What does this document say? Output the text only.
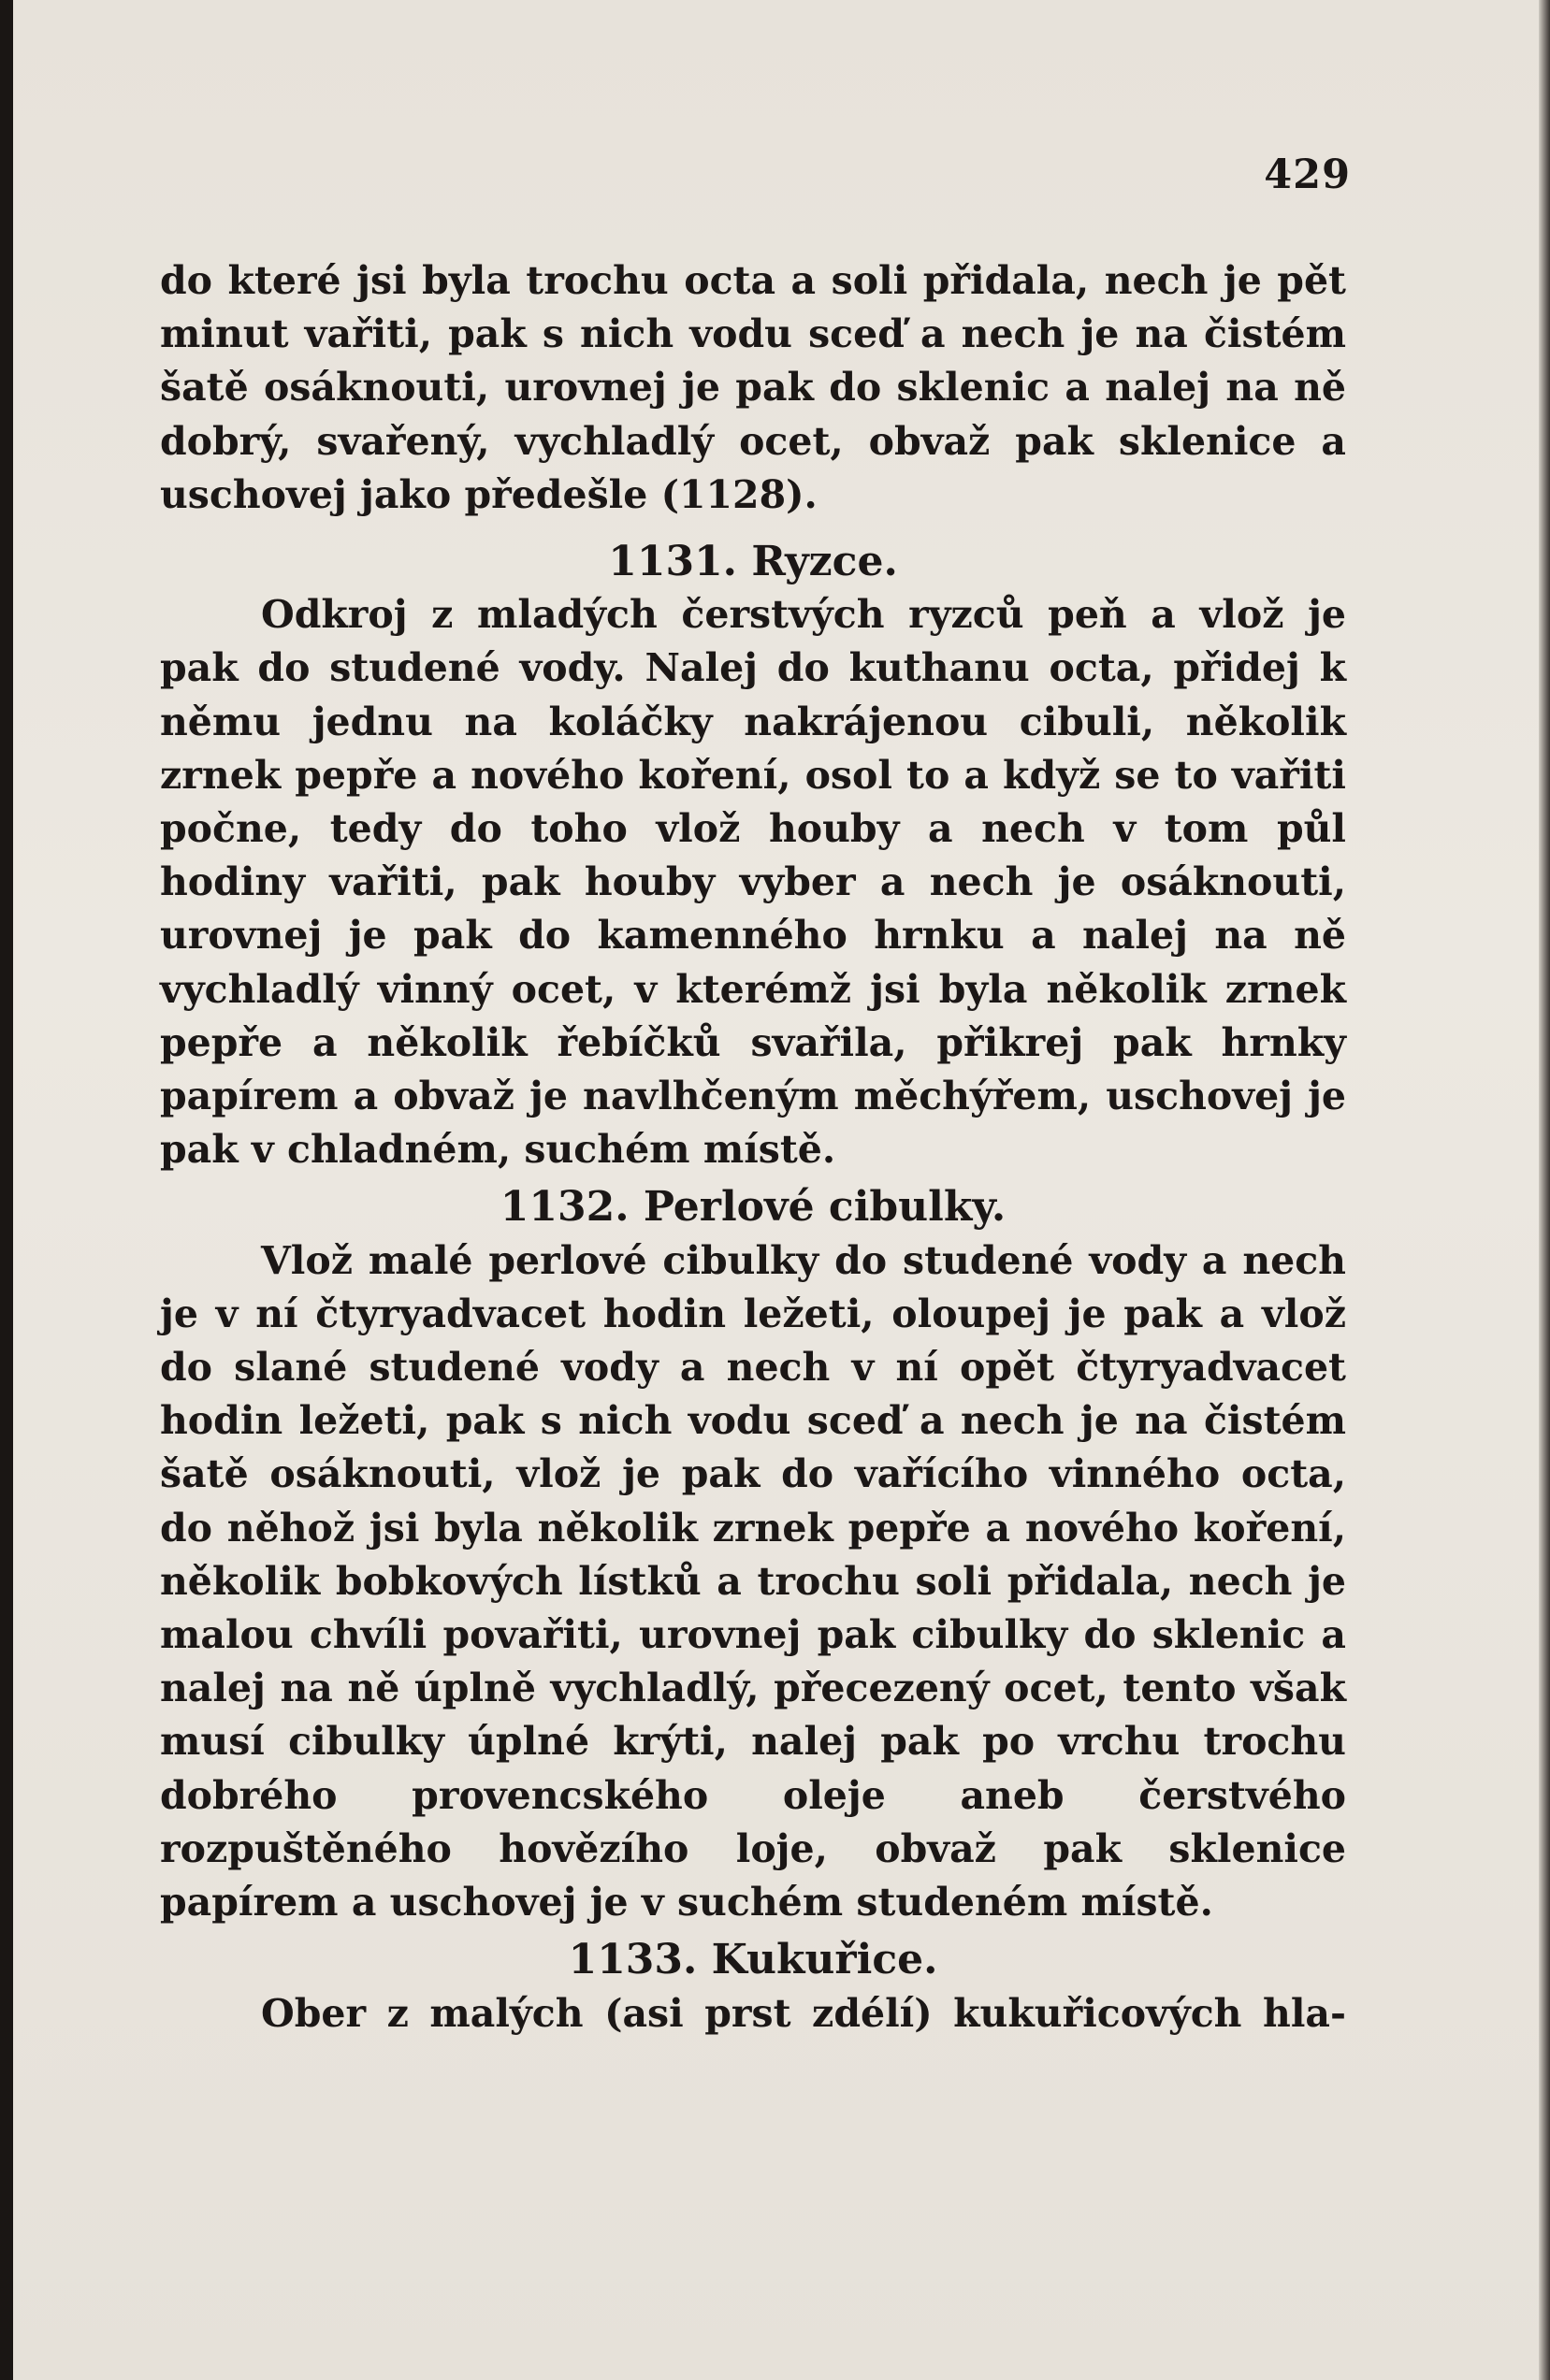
429

do které jsi byla trochu octa a soli přidala, nech je pět minut vařiti, pak s nich vodu sceď a nech je na čistém šatě osáknouti, urovnej je pak do sklenic a nalej na ně dobrý, svařený, vychladlý ocet, obvaž pak sklenice a uschovej jako předešle (1128).

1131. Ryzce.

Odkroj z mladých čerstvých ryzců peň a vlož je pak do studené vody. Nalej do kuthanu octa, přidej k němu jednu na koláčky nakrájenou cibuli, několik zrnek pepře a nového koření, osol to a když se to vařiti počne, tedy do toho vlož houby a nech v tom půl hodiny vařiti, pak houby vyber a nech je osáknouti, urovnej je pak do kamenného hrnku a nalej na ně vychladlý vinný ocet, v kterémž jsi byla několik zrnek pepře a několik řebíčků svařila, přikrej pak hrnky papírem a obvaž je navlhčeným měchýřem, uschovej je pak v chladném, suchém místě.

1132. Perlové cibulky.

Vlož malé perlové cibulky do studené vody a nech je v ní čtyryadvacet hodin ležeti, oloupej je pak a vlož do slané studené vody a nech v ní opět čtyryadvacet hodin ležeti, pak s nich vodu sceď a nech je na čistém šatě osáknouti, vlož je pak do vařícího vinného octa, do něhož jsi byla několik zrnek pepře a nového koření, několik bobkových lístků a trochu soli přidala, nech je malou chvíli povařiti, urovnej pak cibulky do sklenic a nalej na ně úplně vychladlý, přecezený ocet, tento však musí cibulky úplné krýti, nalej pak po vrchu trochu dobrého provencského oleje aneb čerstvého rozpuštěného hovězího loje, obvaž pak sklenice papírem a uschovej je v suchém studeném místě.

1133. Kukuřice.

Ober z malých (asi prst zdélí) kukuřicových hla-
